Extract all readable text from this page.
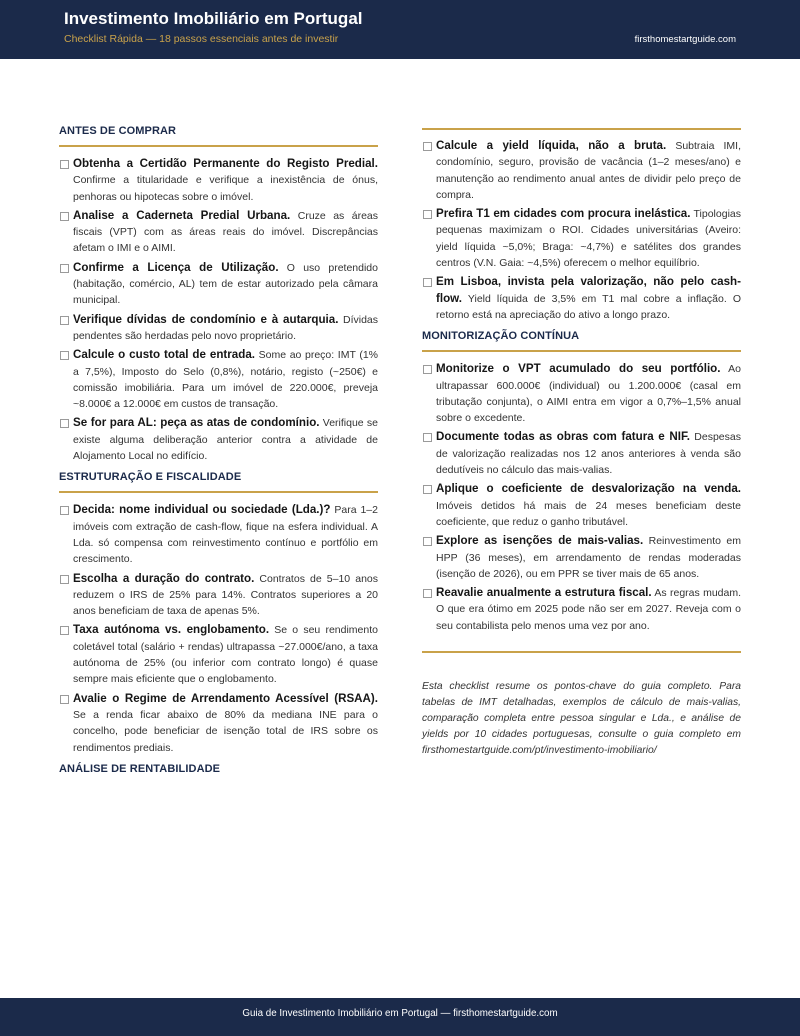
Investimento Imobiliário em Portugal
Checklist Rápida — 18 passos essenciais antes de investir	firsthomestartguide.com
ANTES DE COMPRAR
Obtenha a Certidão Permanente do Registo Predial. Confirme a titularidade e verifique a inexistência de ónus, penhoras ou hipotecas sobre o imóvel.
Analise a Caderneta Predial Urbana. Cruze as áreas fiscais (VPT) com as áreas reais do imóvel. Discrepâncias afetam o IMI e o AIMI.
Confirme a Licença de Utilização. O uso pretendido (habitação, comércio, AL) tem de estar autorizado pela câmara municipal.
Verifique dívidas de condomínio e à autarquia. Dívidas pendentes são herdadas pelo novo proprietário.
Calcule o custo total de entrada. Some ao preço: IMT (1% a 7,5%), Imposto do Selo (0,8%), notário, registo (~250€) e comissão imobiliária. Para um imóvel de 220.000€, preveja ~8.000€ a 12.000€ em custos de transação.
Se for para AL: peça as atas de condomínio. Verifique se existe alguma deliberação anterior contra a atividade de Alojamento Local no edifício.
ESTRUTURAÇÃO E FISCALIDADE
Decida: nome individual ou sociedade (Lda.)? Para 1–2 imóveis com extração de cash-flow, fique na esfera individual. A Lda. só compensa com reinvestimento contínuo e portfólio em crescimento.
Escolha a duração do contrato. Contratos de 5–10 anos reduzem o IRS de 25% para 14%. Contratos superiores a 20 anos beneficiam de taxa de apenas 5%.
Taxa autónoma vs. englobamento. Se o seu rendimento coletável total (salário + rendas) ultrapassa ~27.000€/ano, a taxa autónoma de 25% (ou inferior com contrato longo) é quase sempre mais eficiente que o englobamento.
Avalie o Regime de Arrendamento Acessível (RSAA). Se a renda ficar abaixo de 80% da mediana INE para o concelho, pode beneficiar de isenção total de IRS sobre os rendimentos prediais.
ANÁLISE DE RENTABILIDADE
Calcule a yield líquida, não a bruta. Subtraia IMI, condomínio, seguro, provisão de vacância (1–2 meses/ano) e manutenção ao rendimento anual antes de dividir pelo preço de compra.
Prefira T1 em cidades com procura inelástica. Tipologias pequenas maximizam o ROI. Cidades universitárias (Aveiro: yield líquida ~5,0%; Braga: ~4,7%) e satélites dos grandes centros (V.N. Gaia: ~4,5%) oferecem o melhor equilíbrio.
Em Lisboa, invista pela valorização, não pelo cash-flow. Yield líquida de 3,5% em T1 mal cobre a inflação. O retorno está na apreciação do ativo a longo prazo.
MONITORIZAÇÃO CONTÍNUA
Monitorize o VPT acumulado do seu portfólio. Ao ultrapassar 600.000€ (individual) ou 1.200.000€ (casal em tributação conjunta), o AIMI entra em vigor a 0,7%–1,5% anual sobre o excedente.
Documente todas as obras com fatura e NIF. Despesas de valorização realizadas nos 12 anos anteriores à venda são dedutíveis no cálculo das mais-valias.
Aplique o coeficiente de desvalorização na venda. Imóveis detidos há mais de 24 meses beneficiam deste coeficiente, que reduz o ganho tributável.
Explore as isenções de mais-valias. Reinvestimento em HPP (36 meses), em arrendamento de rendas moderadas (isenção de 2026), ou em PPR se tiver mais de 65 anos.
Reavalie anualmente a estrutura fiscal. As regras mudam. O que era ótimo em 2025 pode não ser em 2027. Reveja com o seu contabilista pelo menos uma vez por ano.
Esta checklist resume os pontos-chave do guia completo. Para tabelas de IMT detalhadas, exemplos de cálculo de mais-valias, comparação completa entre pessoa singular e Lda., e análise de yields por 10 cidades portuguesas, consulte o guia completo em firsthomestartguide.com/pt/investimento-imobiliario/
Guia de Investimento Imobiliário em Portugal — firsthomestartguide.com
